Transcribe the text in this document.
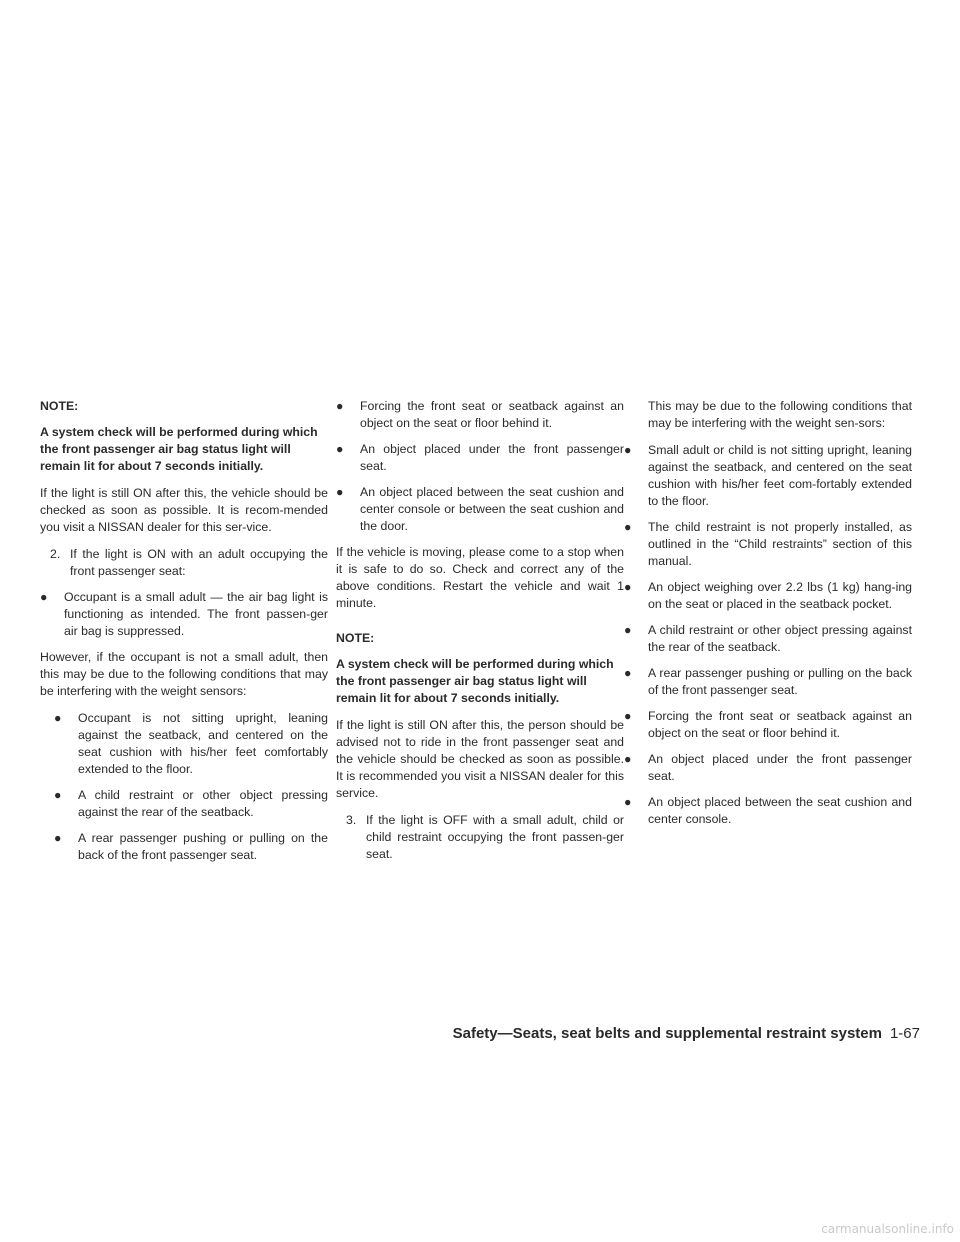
NOTE:

A system check will be performed during which the front passenger air bag status light will remain lit for about 7 seconds initially.

If the light is still ON after this, the vehicle should be checked as soon as possible. It is recom-mended you visit a NISSAN dealer for this ser-vice.

2. If the light is ON with an adult occupying the front passenger seat:
● Occupant is a small adult — the air bag light is functioning as intended. The front passen-ger air bag is suppressed.

However, if the occupant is not a small adult, then this may be due to the following conditions that may be interfering with the weight sensors:

● Occupant is not sitting upright, leaning against the seatback, and centered on the seat cushion with his/her feet comfortably extended to the floor.
● A child restraint or other object pressing against the rear of the seatback.
● A rear passenger pushing or pulling on the back of the front passenger seat.
● Forcing the front seat or seatback against an object on the seat or floor behind it.
● An object placed under the front passenger seat.
● An object placed between the seat cushion and center console or between the seat cushion and the door.

If the vehicle is moving, please come to a stop when it is safe to do so. Check and correct any of the above conditions. Restart the vehicle and wait 1 minute.

NOTE:

A system check will be performed during which the front passenger air bag status light will remain lit for about 7 seconds initially.

If the light is still ON after this, the person should be advised not to ride in the front passenger seat and the vehicle should be checked as soon as possible. It is recommended you visit a NISSAN dealer for this service.

3. If the light is OFF with a small adult, child or child restraint occupying the front passen-ger seat.

This may be due to the following conditions that may be interfering with the weight sen-sors:

● Small adult or child is not sitting upright, leaning against the seatback, and centered on the seat cushion with his/her feet com-fortably extended to the floor.
● The child restraint is not properly installed, as outlined in the “Child restraints” section of this manual.
● An object weighing over 2.2 lbs (1 kg) hang-ing on the seat or placed in the seatback pocket.
● A child restraint or other object pressing against the rear of the seatback.
● A rear passenger pushing or pulling on the back of the front passenger seat.
● Forcing the front seat or seatback against an object on the seat or floor behind it.
● An object placed under the front passenger seat.
● An object placed between the seat cushion and center console.
Safety—Seats, seat belts and supplemental restraint system 1-67
carmanualsonline.info
